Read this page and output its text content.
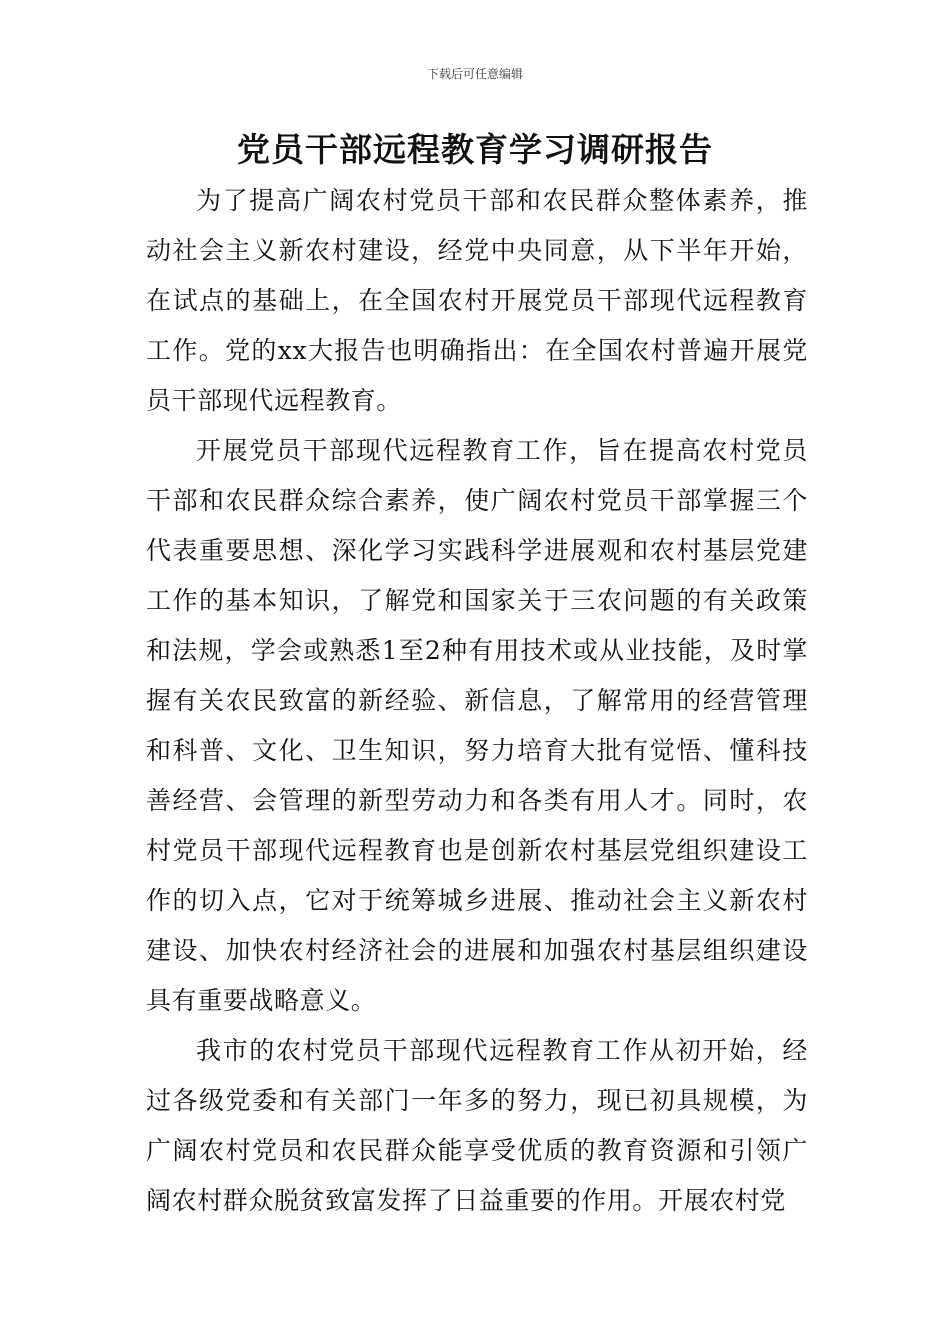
下载后可任意编辑
党员干部远程教育学习调研报告

为了提高广阔农村党员干部和农民群众整体素养，推动社会主义新农村建设，经党中央同意，从下半年开始，在试点的基础上，在全国农村开展党员干部现代远程教育工作。党的xx大报告也明确指出：在全国农村普遍开展党员干部现代远程教育。

开展党员干部现代远程教育工作，旨在提高农村党员干部和农民群众综合素养，使广阔农村党员干部掌握三个代表重要思想、深化学习实践科学进展观和农村基层党建工作的基本知识，了解党和国家关于三农问题的有关政策和法规，学会或熟悉1至2种有用技术或从业技能，及时掌握有关农民致富的新经验、新信息，了解常用的经营管理和科普、文化、卫生知识，努力培育大批有觉悟、懂科技善经营、会管理的新型劳动力和各类有用人才。同时，农村党员干部现代远程教育也是创新农村基层党组织建设工作的切入点，它对于统筹城乡进展、推动社会主义新农村建设、加快农村经济社会的进展和加强农村基层组织建设具有重要战略意义。

我市的农村党员干部现代远程教育工作从初开始，经过各级党委和有关部门一年多的努力，现已初具规模，为广阔农村党员和农民群众能享受优质的教育资源和引领广阔农村群众脱贫致富发挥了日益重要的作用。开展农村党
